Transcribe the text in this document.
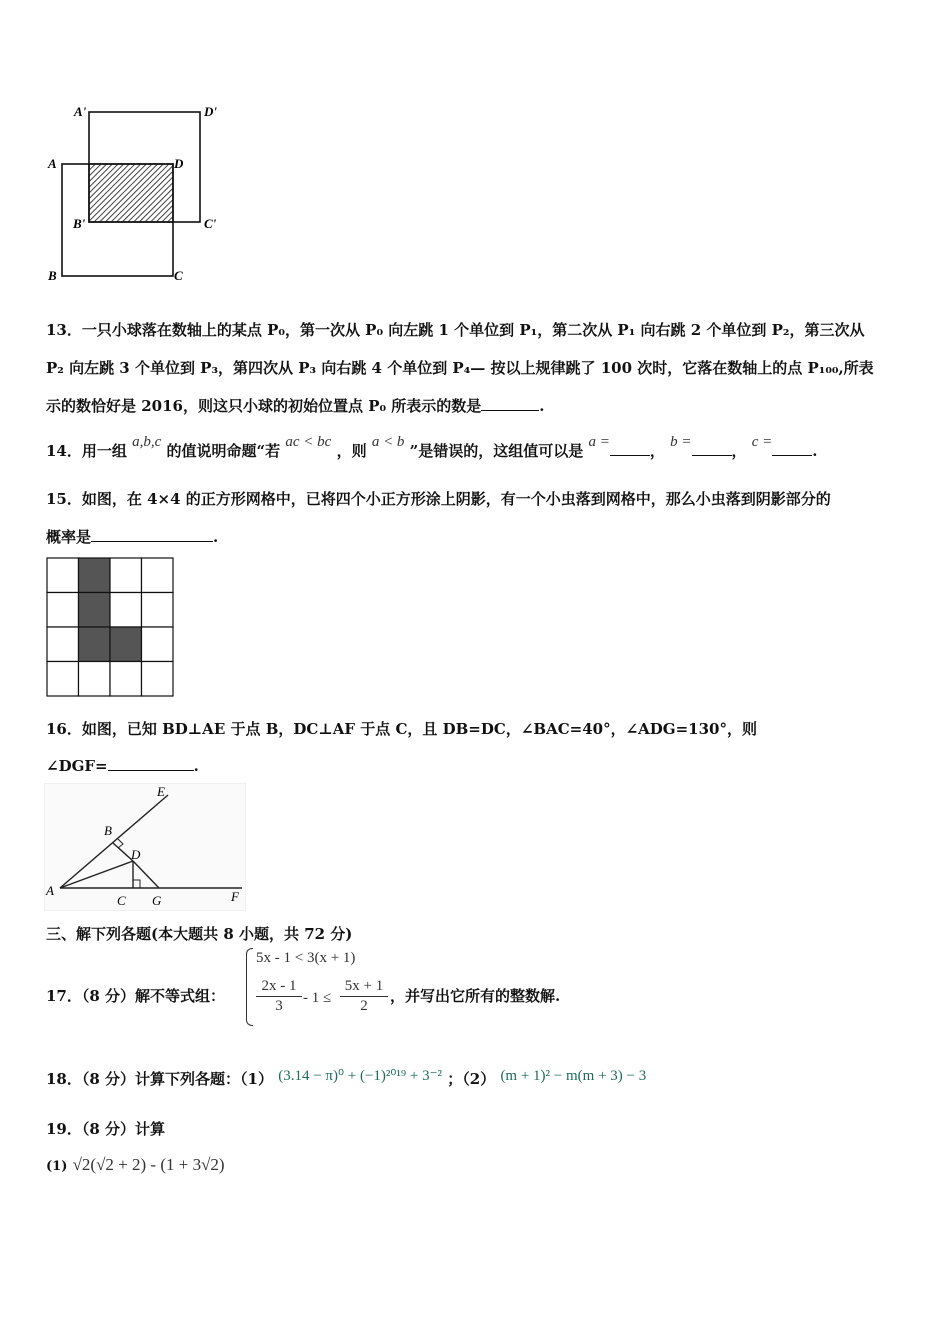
A'	D'
A	D
B'	C'
B	C
13．一只小球落在数轴上的某点 P₀，第一次从 P₀ 向左跳 1 个单位到 P₁，第二次从 P₁ 向右跳 2 个单位到 P₂，第三次从
P₂ 向左跳 3 个单位到 P₃，第四次从 P₃ 向右跳 4 个单位到 P₄— 按以上规律跳了 100 次时，它落在数轴上的点 P₁₀₀,所表
示的数恰好是 2016，则这只小球的初始位置点 P₀ 所表示的数是	.
14．用一组 a,b,c 的值说明命题“若 ac < bc ，则 a < b ”是错误的，这组值可以是 a =	， b =	， c =	.
15．如图，在 4×4 的正方形网格中，已将四个小正方形涂上阴影，有一个小虫落到网格中，那么小虫落到阴影部分的
概率是	.
16．如图，已知 BD⊥AE 于点 B，DC⊥AF 于点 C，且 DB=DC，∠BAC=40°，∠ADG=130°，则
∠DGF=	.
E
B
D
A
C G	F
三、解下列各题(本大题共 8 小题，共 72 分)
17．（8 分）解不等式组：
5x - 1 < 3(x + 1)
2x - 1
3	- 1 ≤
5x + 1
2
，并写出它所有的整数解.
18．（8 分）计算下列各题：（1） (3.14 − π)⁰ + (−1)²⁰¹⁹ + 3⁻² ；（2） (m + 1)² − m(m + 3) − 3
19．（8 分）计算
(1) √2(√2 + 2) - (1 + 3√2)
